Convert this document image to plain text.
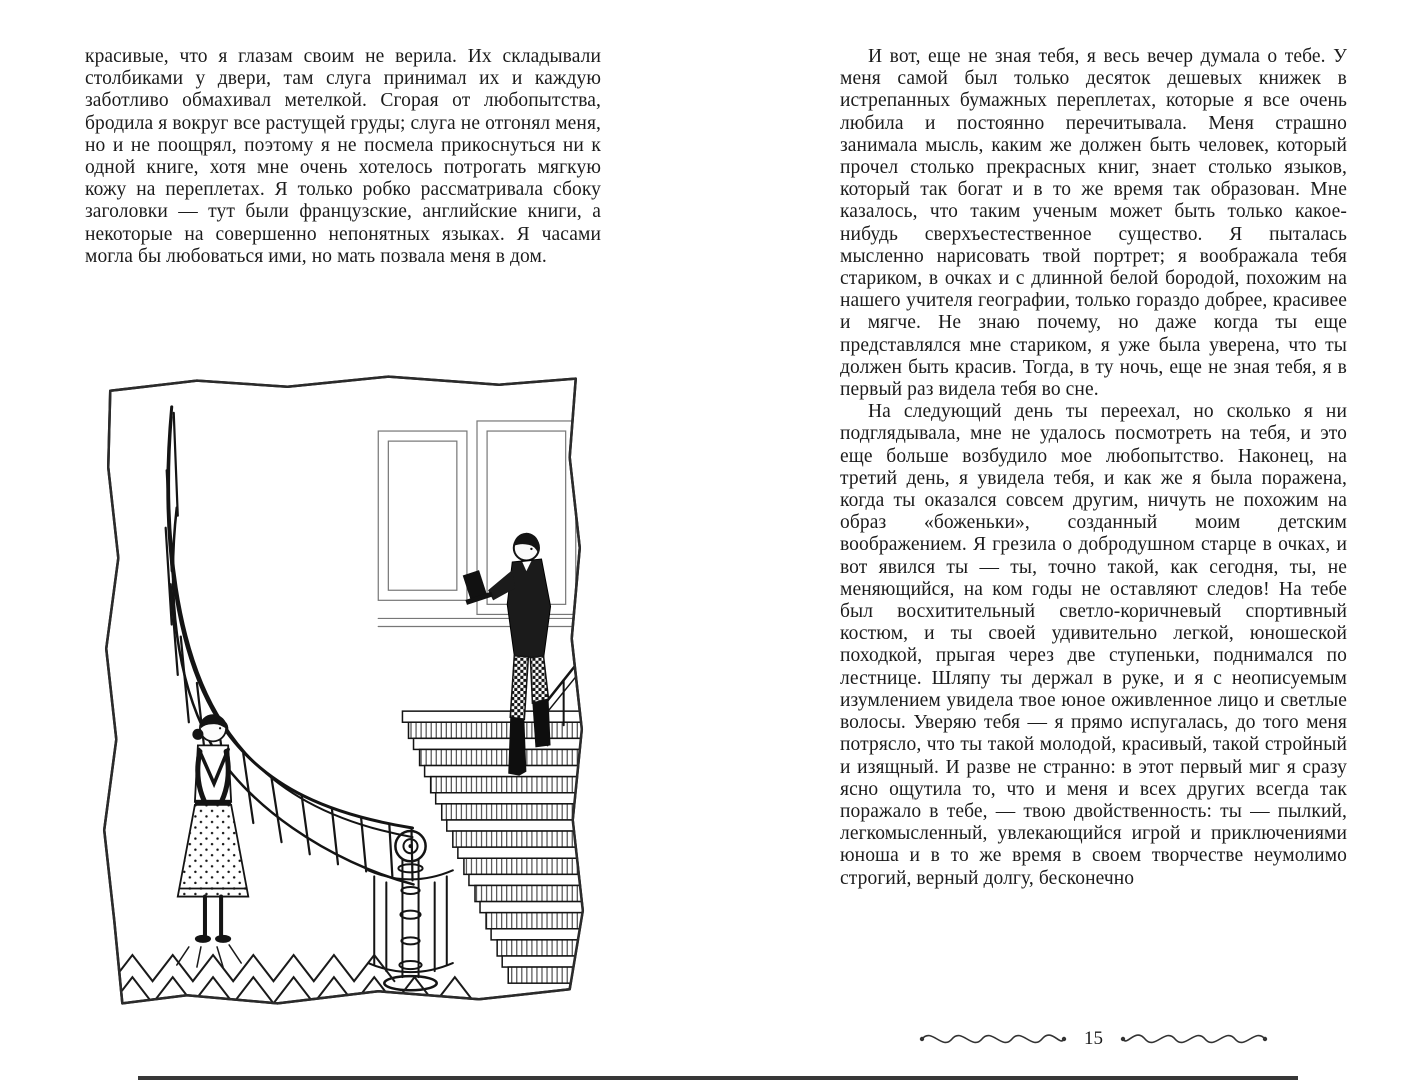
красивые, что я глазам своим не верила. Их складывали столбиками у двери, там слуга принимал их и каждую заботливо обмахивал метелкой. Сгорая от любопытства, бродила я вокруг все растущей груды; слуга не отгонял меня, но и не поощрял, поэтому я не посмела прикоснуться ни к одной книге, хотя мне очень хотелось потрогать мягкую кожу на переплетах. Я только робко рассматривала сбоку заголовки — тут были французские, английские книги, а некоторые на совершенно непонятных языках. Я часами могла бы любоваться ими, но мать позвала меня в дом.

И вот, еще не зная тебя, я весь вечер думала о тебе. У меня самой был только десяток дешевых книжек в истрепанных бумажных переплетах, которые я все очень любила и постоянно перечитывала. Меня страшно занимала мысль, каким же должен быть человек, который прочел столько прекрасных книг, знает столько языков, который так богат и в то же время так образован. Мне казалось, что таким ученым может быть только какое-нибудь сверхъестественное существо. Я пыталась мысленно нарисовать твой портрет; я воображала тебя стариком, в очках и с длинной белой бородой, похожим на нашего учителя географии, только гораздо добрее, красивее и мягче. Не знаю почему, но даже когда ты еще представлялся мне стариком, я уже была уверена, что ты должен быть красив. Тогда, в ту ночь, еще не зная тебя, я в первый раз видела тебя во сне.

На следующий день ты переехал, но сколько я ни подглядывала, мне не удалось посмотреть на тебя, и это еще больше возбудило мое любопытство. Наконец, на третий день, я увидела тебя, и как же я была поражена, когда ты оказался совсем другим, ничуть не похожим на образ «боженьки», созданный моим детским воображением. Я грезила о добродушном старце в очках, и вот явился ты — ты, точно такой, как сегодня, ты, не меняющийся, на ком годы не оставляют следов! На тебе был восхитительный светло-коричневый спортивный костюм, и ты своей удивительно легкой, юношеской походкой, прыгая через две ступеньки, поднимался по лестнице. Шляпу ты держал в руке, и я с неописуемым изумлением увидела твое юное оживленное лицо и светлые волосы. Уверяю тебя — я прямо испугалась, до того меня потрясло, что ты такой молодой, красивый, такой стройный и изящный. И разве не странно: в этот первый миг я сразу ясно ощутила то, что и меня и всех других всегда так поражало в тебе, — твою двойственность: ты — пылкий, легкомысленный, увлекающийся игрой и приключениями юноша и в то же время в своем творчестве неумолимо строгий, верный долгу, бесконечно

15
